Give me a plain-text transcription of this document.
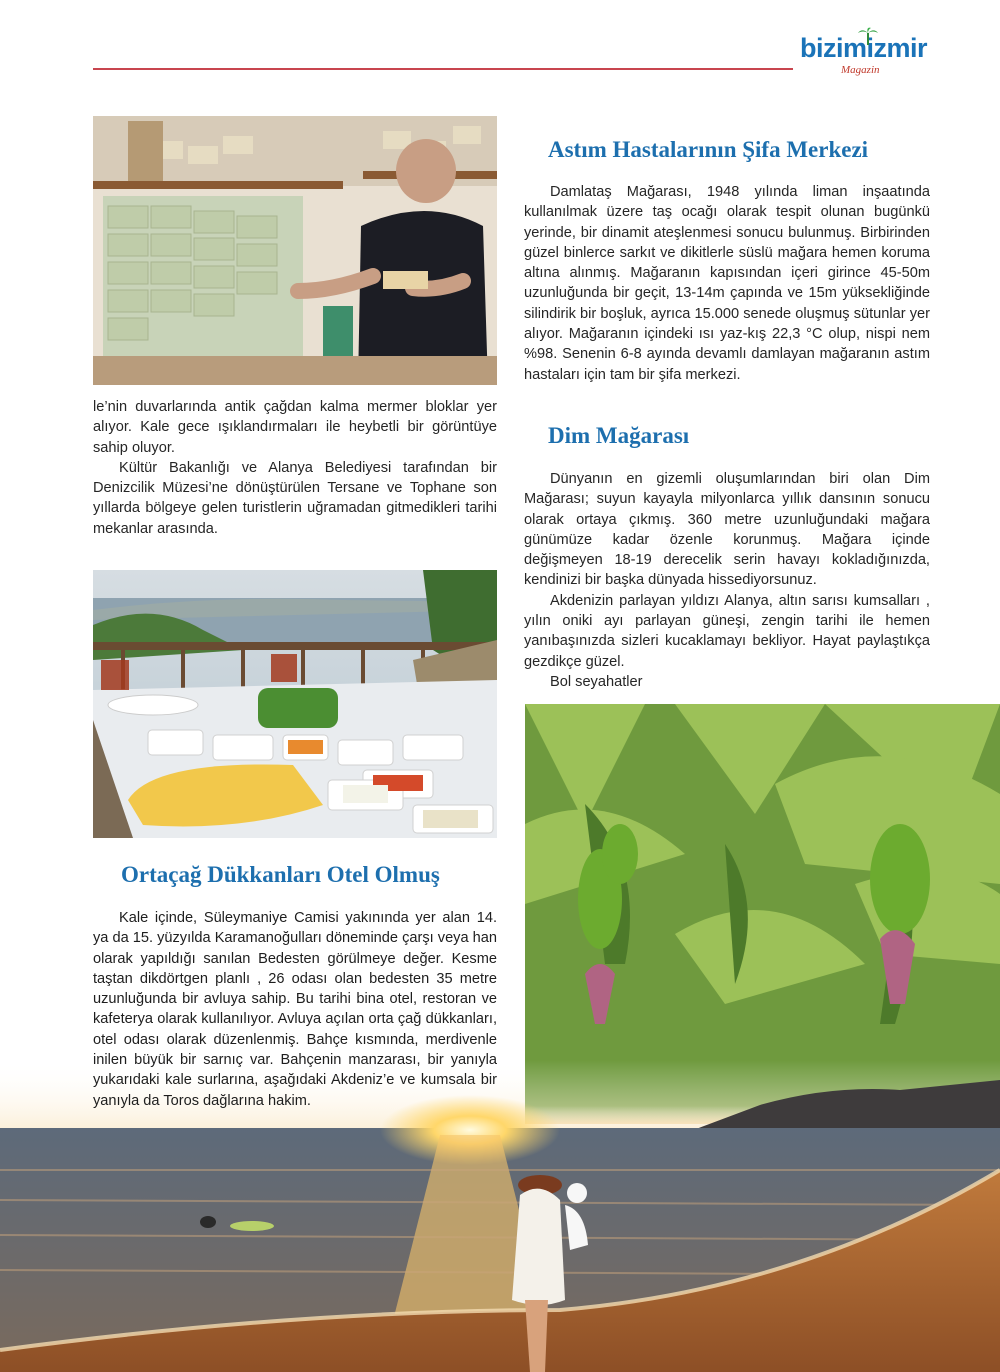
bizimizmir
Magazin

le’nin duvarlarında antik çağdan kalma mermer bloklar yer alıyor. Kale gece ışıklandırmaları ile heybetli bir görüntüye sahip oluyor.

Kültür Bakanlığı ve Alanya Belediyesi tarafından bir Denizcilik Müzesi’ne dönüştürülen Tersane ve Tophane son yıllarda bölgeye gelen turistlerin uğramadan gitmedikleri tarihi mekanlar arasında.

Ortaçağ Dükkanları Otel Olmuş
Astım Hastalarının Şifa Merkezi

Damlataş Mağarası, 1948 yılında liman inşaatında kullanılmak üzere taş ocağı olarak tespit olunan bugünkü yerinde, bir dinamit ateşlenmesi sonucu bulunmuş. Birbirinden güzel binlerce sarkıt ve dikitlerle süslü mağara hemen koruma altına alınmış. Mağaranın kapısından içeri girince 45-50m uzunluğunda bir geçit, 13-14m çapında ve 15m yüksekliğinde silindirik bir boşluk, ayrıca 15.000 senede oluşmuş sütunlar yer alıyor. Mağaranın içindeki ısı yaz-kış 22,3 °C olup, nispi nem %98. Senenin 6-8 ayında devamlı damlayan mağaranın astım hastaları için tam bir şifa merkezi.

Dim Mağarası

Dünyanın en gizemli oluşumlarından biri olan Dim Mağarası; suyun kayayla milyonlarca yıllık dansının sonucu olarak ortaya çıkmış. 360 metre uzunluğundaki mağara günümüze kadar özenle korunmuş. Mağara içinde değişmeyen 18-19 derecelik serin havayı kokladığınızda, kendinizi bir başka dünyada hissediyorsunuz.

Akdenizin parlayan yıldızı Alanya, altın sarısı kumsalları , yılın oniki ayı parlayan güneşi, zengin tarihi ile hemen yanıbaşınızda sizleri kucaklamayı bekliyor. Hayat paylaştıkça gezdikçe güzel.

Bol seyahatler

Kale içinde, Süleymaniye Camisi yakınında yer alan 14. ya da 15. yüzyılda Karamanoğulları döneminde çarşı veya han olarak yapıldığı sanılan Bedesten görülmeye değer. Kesme taştan dikdörtgen planlı , 26 odası olan bedesten 35 metre uzunluğunda bir avluya sahip. Bu tarihi bina otel, restoran ve kafeterya olarak kullanılıyor. Avluya açılan orta çağ dükkanları, otel odası olarak düzenlenmiş. Bahçe kısmında, merdivenle inilen büyük bir sarnıç var. Bahçenin manzarası, bir yanıyla yukarıdaki kale surlarına, aşağıdaki Akdeniz’e ve kumsala bir yanıyla da Toros dağlarına hakim.
